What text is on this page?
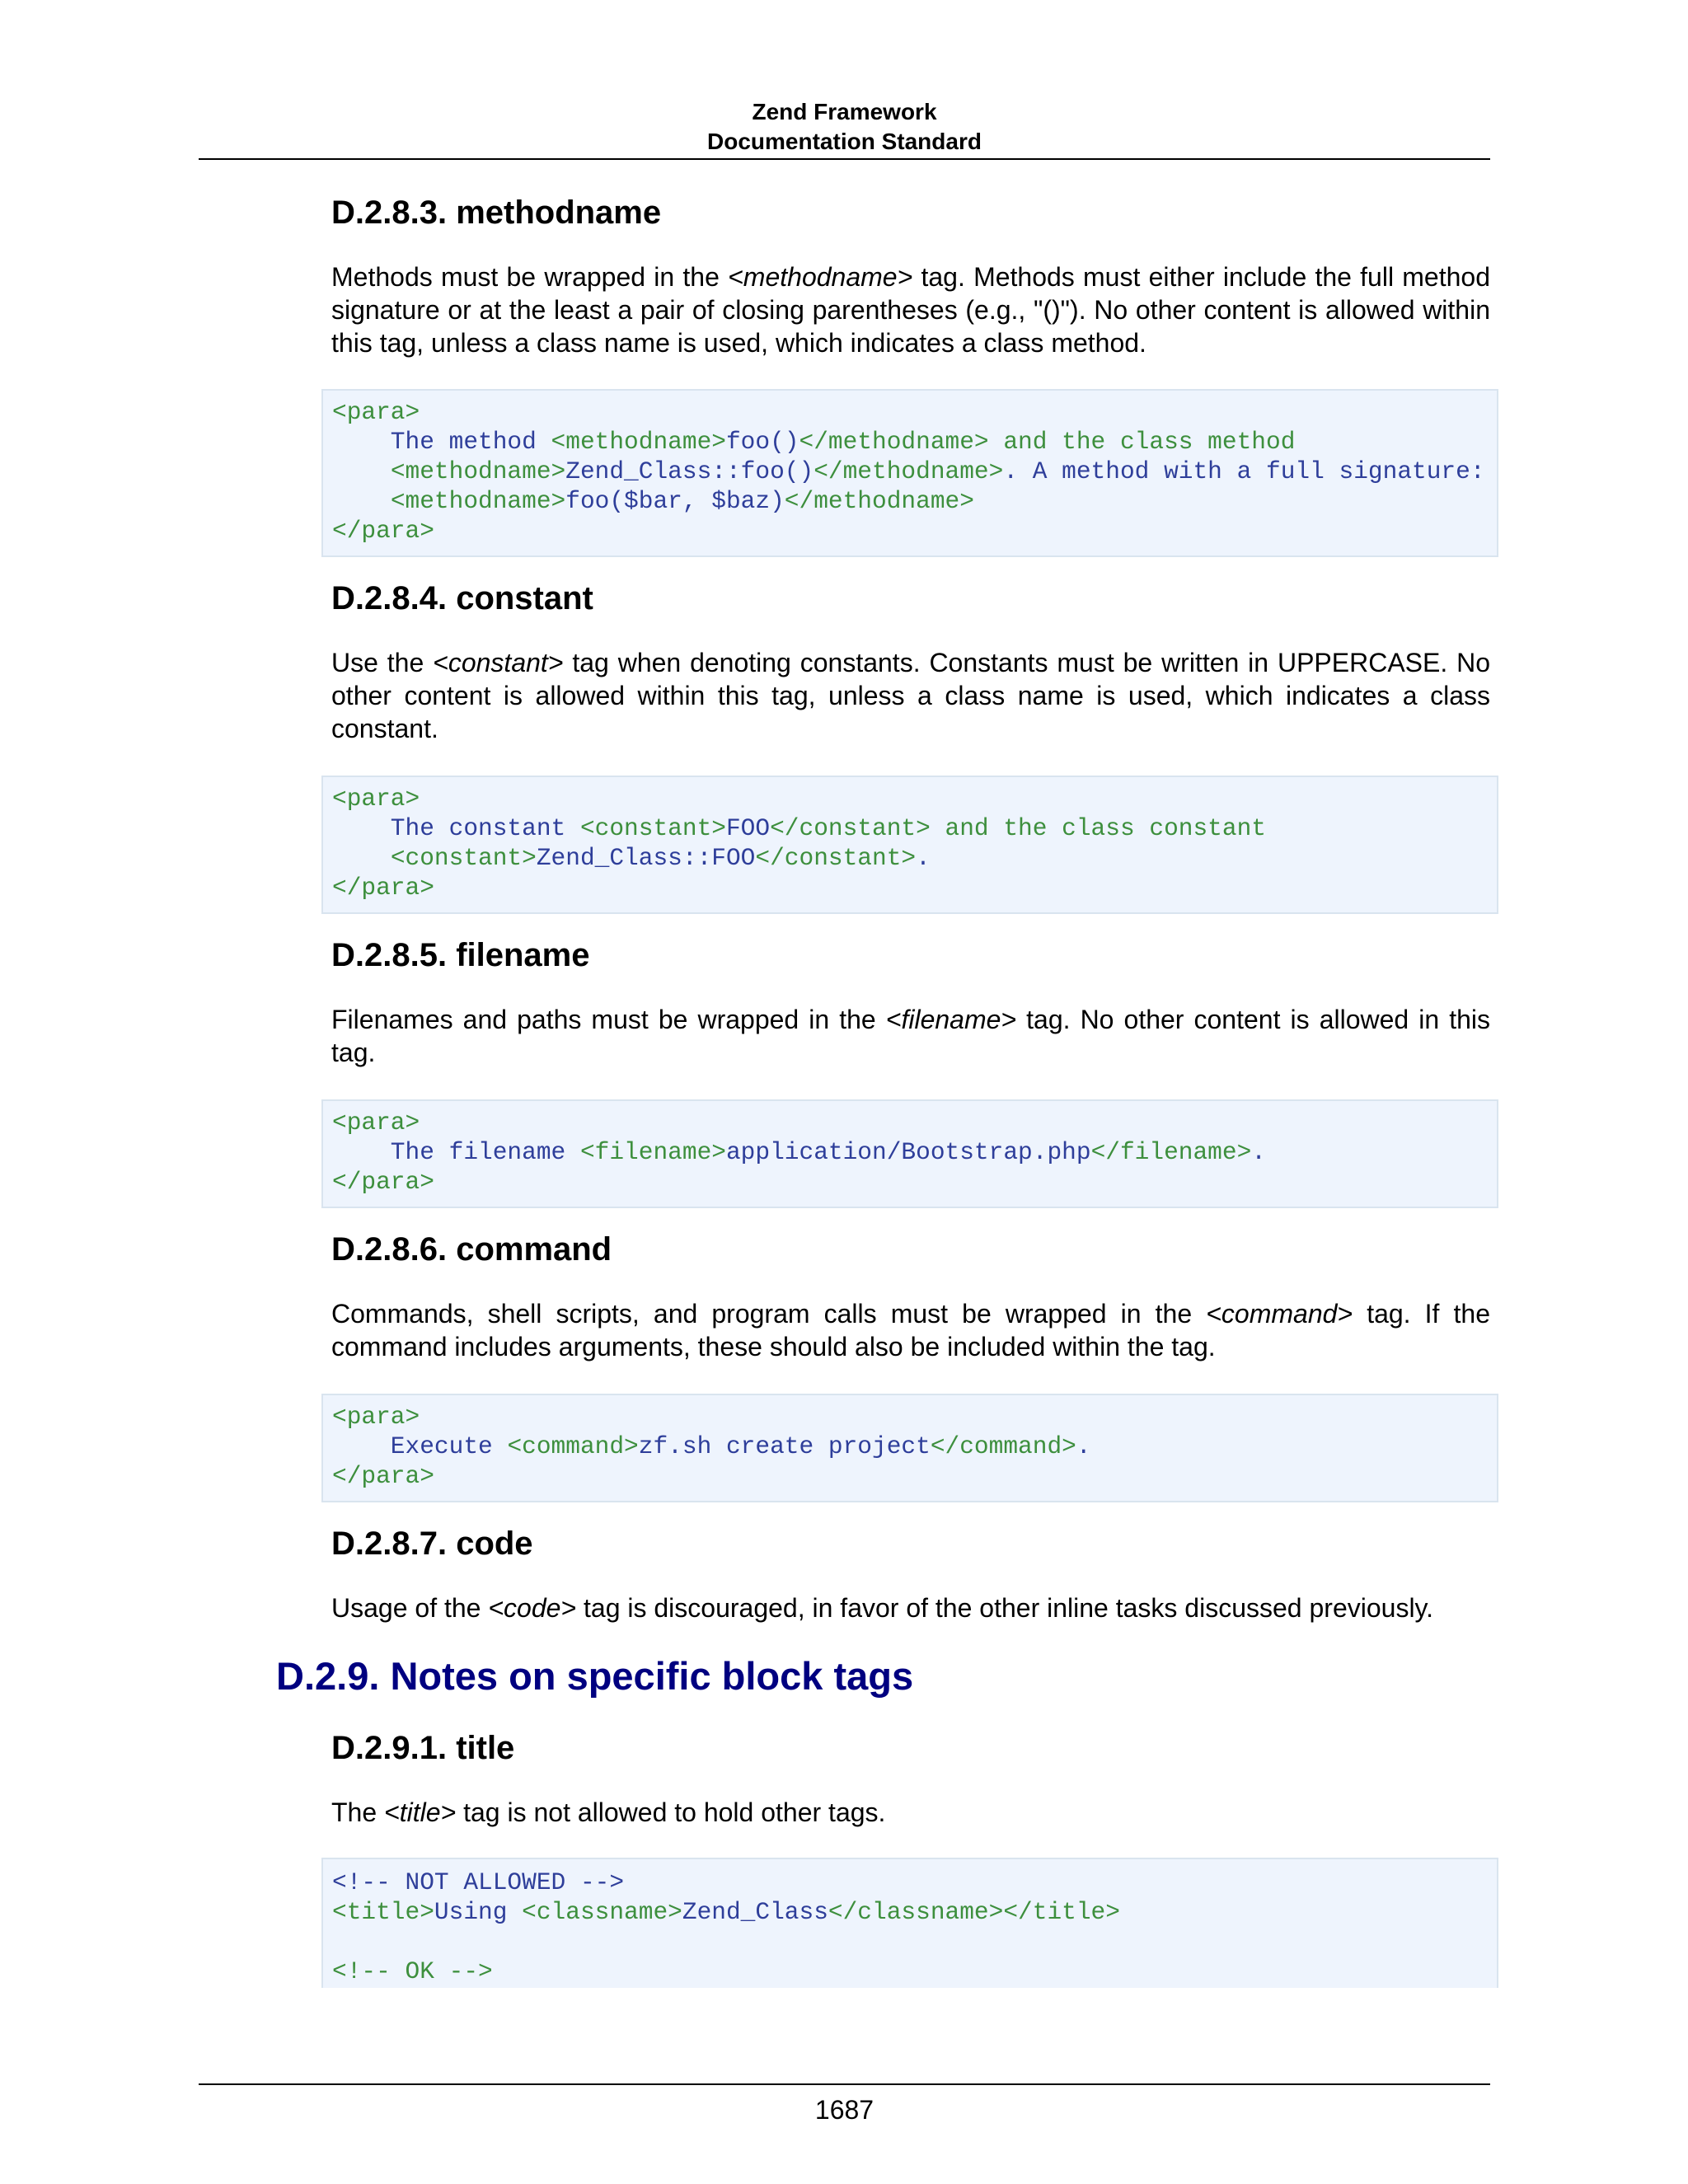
Zend Framework
Documentation Standard
D.2.8.3. methodname

Methods must be wrapped in the <methodname> tag. Methods must either include the full method signature or at the least a pair of closing parentheses (e.g., "()"). No other content is allowed within this tag, unless a class name is used, which indicates a class method.

<para>
The method <methodname>foo()</methodname> and the class method
<methodname>Zend_Class::foo()</methodname>. A method with a full signature:
<methodname>foo($bar, $baz)</methodname>
</para>
D.2.8.4. constant

Use the <constant> tag when denoting constants. Constants must be written in UPPERCASE. No other content is allowed within this tag, unless a class name is used, which indicates a class constant.

<para>
The constant <constant>FOO</constant> and the class constant
<constant>Zend_Class::FOO</constant>.
</para>
D.2.8.5. filename

Filenames and paths must be wrapped in the <filename> tag. No other content is allowed in this tag.

<para>
The filename <filename>application/Bootstrap.php</filename>.
</para>
D.2.8.6. command

Commands, shell scripts, and program calls must be wrapped in the <command> tag. If the command includes arguments, these should also be included within the tag.

<para>
Execute <command>zf.sh create project</command>.
</para>
D.2.8.7. code

Usage of the <code> tag is discouraged, in favor of the other inline tasks discussed previously.

D.2.9. Notes on specific block tags
D.2.9.1. title

The <title> tag is not allowed to hold other tags.

<!-- NOT ALLOWED -->
<title>Using <classname>Zend_Class</classname></title>
<!-- OK -->
1687
